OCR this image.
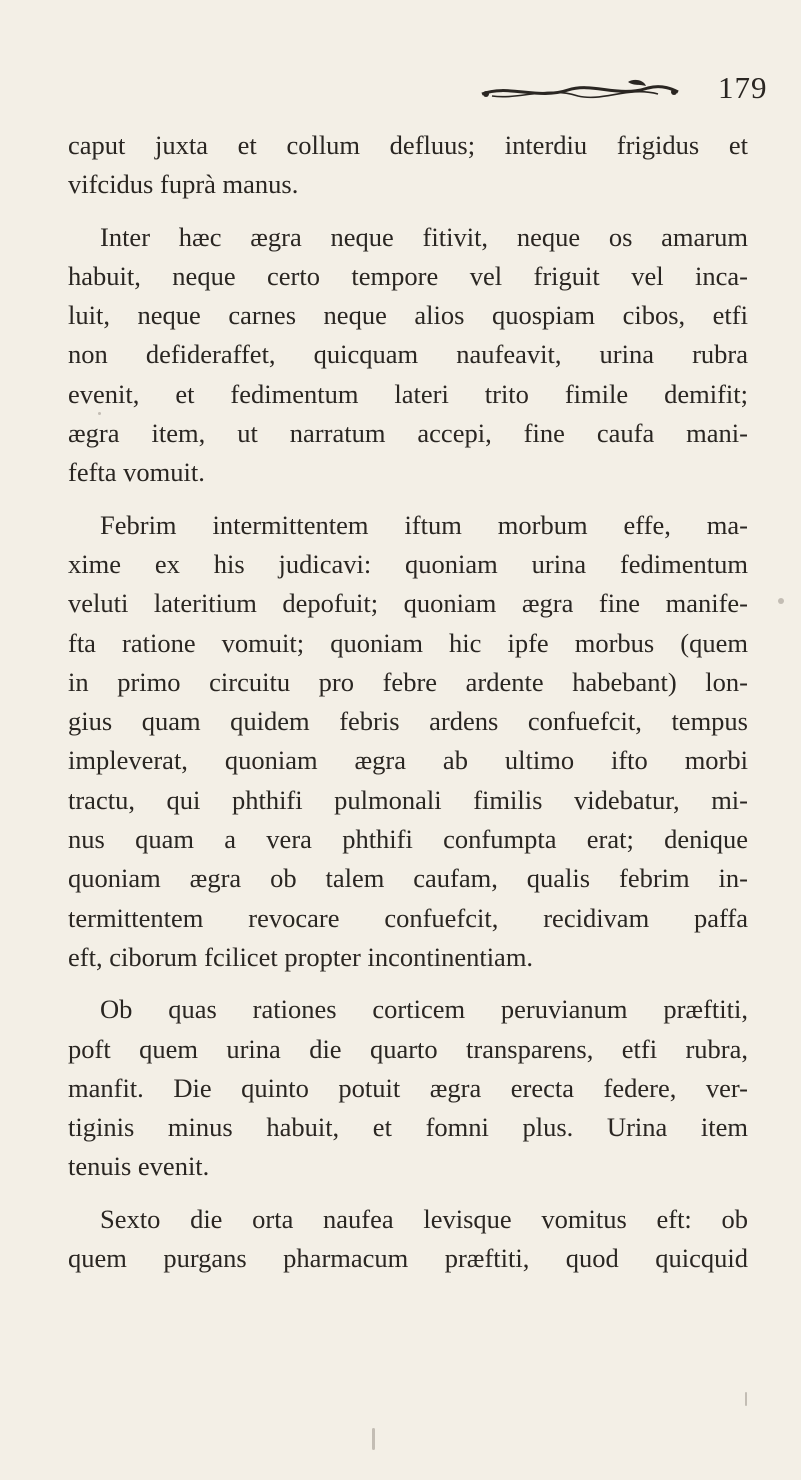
179
caput juxta et collum defluus; interdiu frigidus et
vifcidus fuprà manus.
Inter hæc ægra neque fitivit, neque os amarum
habuit, neque certo tempore vel friguit vel inca-
luit, neque carnes neque alios quospiam cibos, etfi
non defideraffet, quicquam naufeavit, urina rubra
evenit, et fedimentum lateri trito fimile demifit;
ægra item, ut narratum accepi, fine caufa mani-
fefta vomuit.
Febrim intermittentem iftum morbum effe, ma-
xime ex his judicavi: quoniam urina fedimentum
veluti lateritium depofuit; quoniam ægra fine manife-
fta ratione vomuit; quoniam hic ipfe morbus (quem
in primo circuitu pro febre ardente habebant) lon-
gius quam quidem febris ardens confuefcit, tempus
impleverat, quoniam ægra ab ultimo ifto morbi
tractu, qui phthifi pulmonali fimilis videbatur, mi-
nus quam a vera phthifi confumpta erat; denique
quoniam ægra ob talem caufam, qualis febrim in-
termittentem revocare confuefcit, recidivam paffa
eft, ciborum fcilicet propter incontinentiam.
Ob quas rationes corticem peruvianum præftiti,
poft quem urina die quarto transparens, etfi rubra,
manfit. Die quinto potuit ægra erecta federe, ver-
tiginis minus habuit, et fomni plus. Urina item
tenuis evenit.
Sexto die orta naufea levisque vomitus eft: ob
quem purgans pharmacum præftiti, quod quicquid
